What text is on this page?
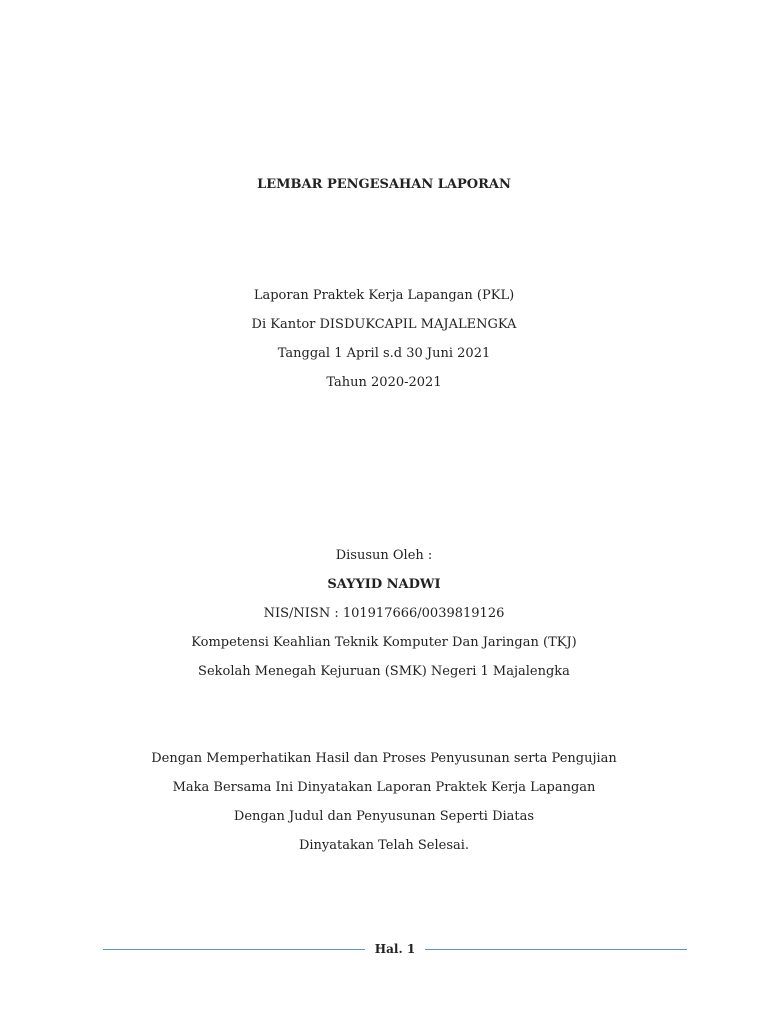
LEMBAR PENGESAHAN LAPORAN
Laporan Praktek Kerja Lapangan (PKL)
Di Kantor DISDUKCAPIL MAJALENGKA
Tanggal 1 April s.d 30 Juni 2021
Tahun 2020-2021
Disusun Oleh :
SAYYID NADWI
NIS/NISN : 101917666/0039819126
Kompetensi Keahlian Teknik Komputer Dan Jaringan (TKJ)
Sekolah Menegah Kejuruan (SMK) Negeri 1 Majalengka
Dengan Memperhatikan Hasil dan Proses Penyusunan serta Pengujian
Maka Bersama Ini Dinyatakan Laporan Praktek Kerja Lapangan
Dengan Judul dan Penyusunan Seperti Diatas
Dinyatakan Telah Selesai.
Hal. 1
